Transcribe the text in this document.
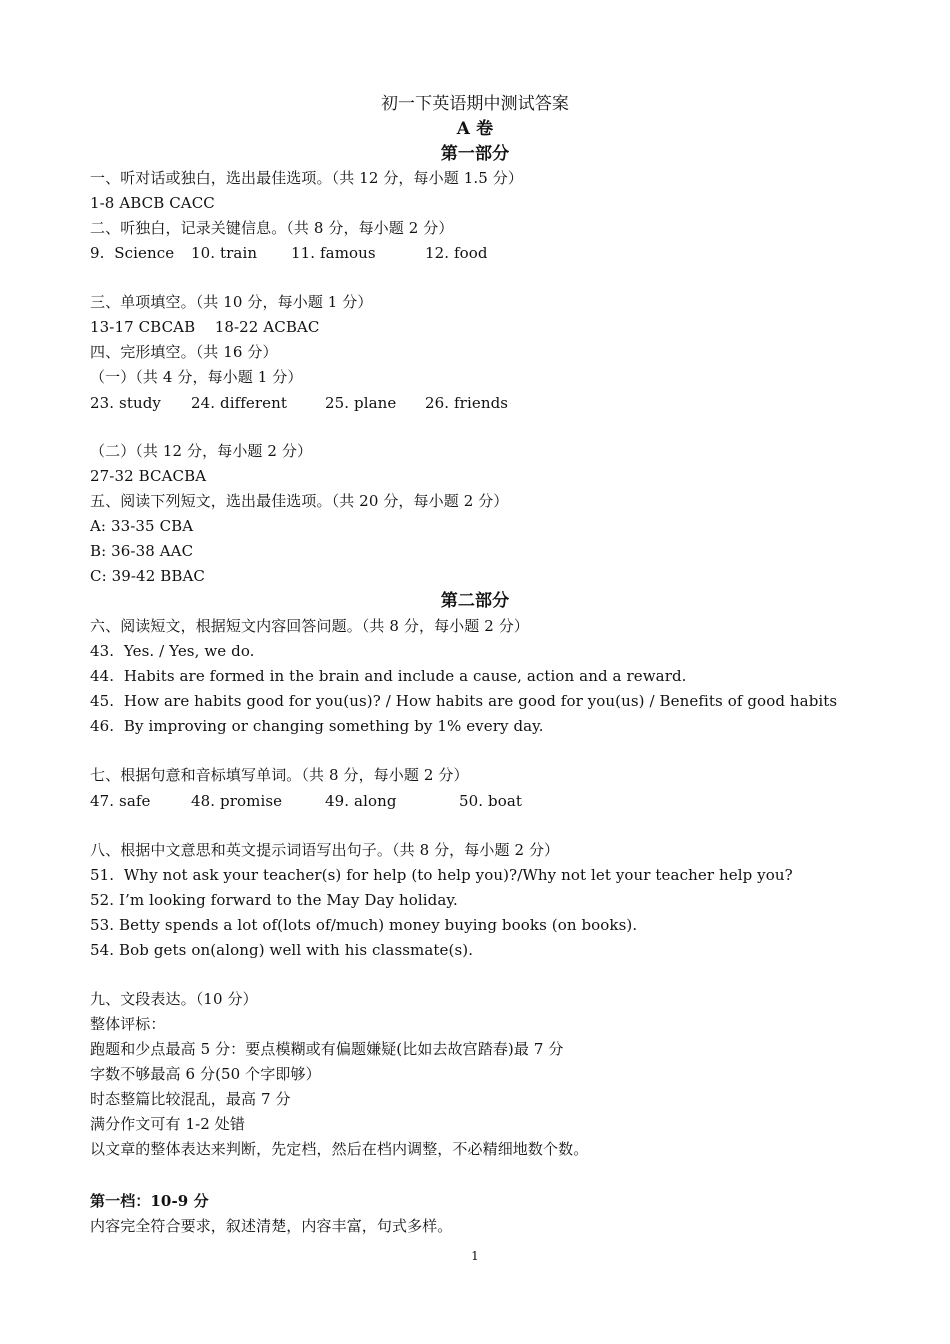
初一下英语期中测试答案
A 卷
第一部分
一、听对话或独白，选出最佳选项。（共 12 分，每小题 1.5 分）
1-8 ABCB CACC
二、听独白，记录关键信息。（共 8 分，每小题 2 分）

9.  Science

10. train

11. famous

	12. food

三、单项填空。（共 10 分，每小题 1 分）
13-17 CBCAB    18-22 ACBAC
四、完形填空。（共 16 分）
（一）（共 4 分，每小题 1 分）

23. study

24. different

	25. plane

26. friends

（二）（共 12 分，每小题 2 分）
27-32 BCACBA
五、阅读下列短文，选出最佳选项。（共 20 分，每小题 2 分）
A: 33-35 CBA
B: 36-38 AAC
C: 39-42 BBAC
第二部分
六、阅读短文，根据短文内容回答问题。（共 8 分，每小题 2 分）
43.  Yes. / Yes, we do.
44.  Habits are formed in the brain and include a cause, action and a reward.
45.  How are habits good for you(us)? / How habits are good for you(us) / Benefits of good habits
46.  By improving or changing something by 1% every day.
七、根据句意和音标填写单词。（共 8 分，每小题 2 分）

47. safe

	48. promise

	49. along

	50. boat

八、根据中文意思和英文提示词语写出句子。（共 8 分，每小题 2 分）
51.  Why not ask your teacher(s) for help (to help you)?/Why not let your teacher help you?
52. I’m looking forward to the May Day holiday.
53. Betty spends a lot of(lots of/much) money buying books (on books).
54. Bob gets on(along) well with his classmate(s).
九、文段表达。（10 分）
整体评标：
跑题和少点最高 5 分：要点模糊或有偏题嫌疑(比如去故宫踏春)最 7 分
字数不够最高 6 分(50 个字即够）
时态整篇比较混乱，最高 7 分
满分作文可有 1-2 处错
以文章的整体表达来判断，先定档，然后在档内调整，不必精细地数个数。
第一档：10-9 分
内容完全符合要求，叙述清楚，内容丰富，句式多样。
1
